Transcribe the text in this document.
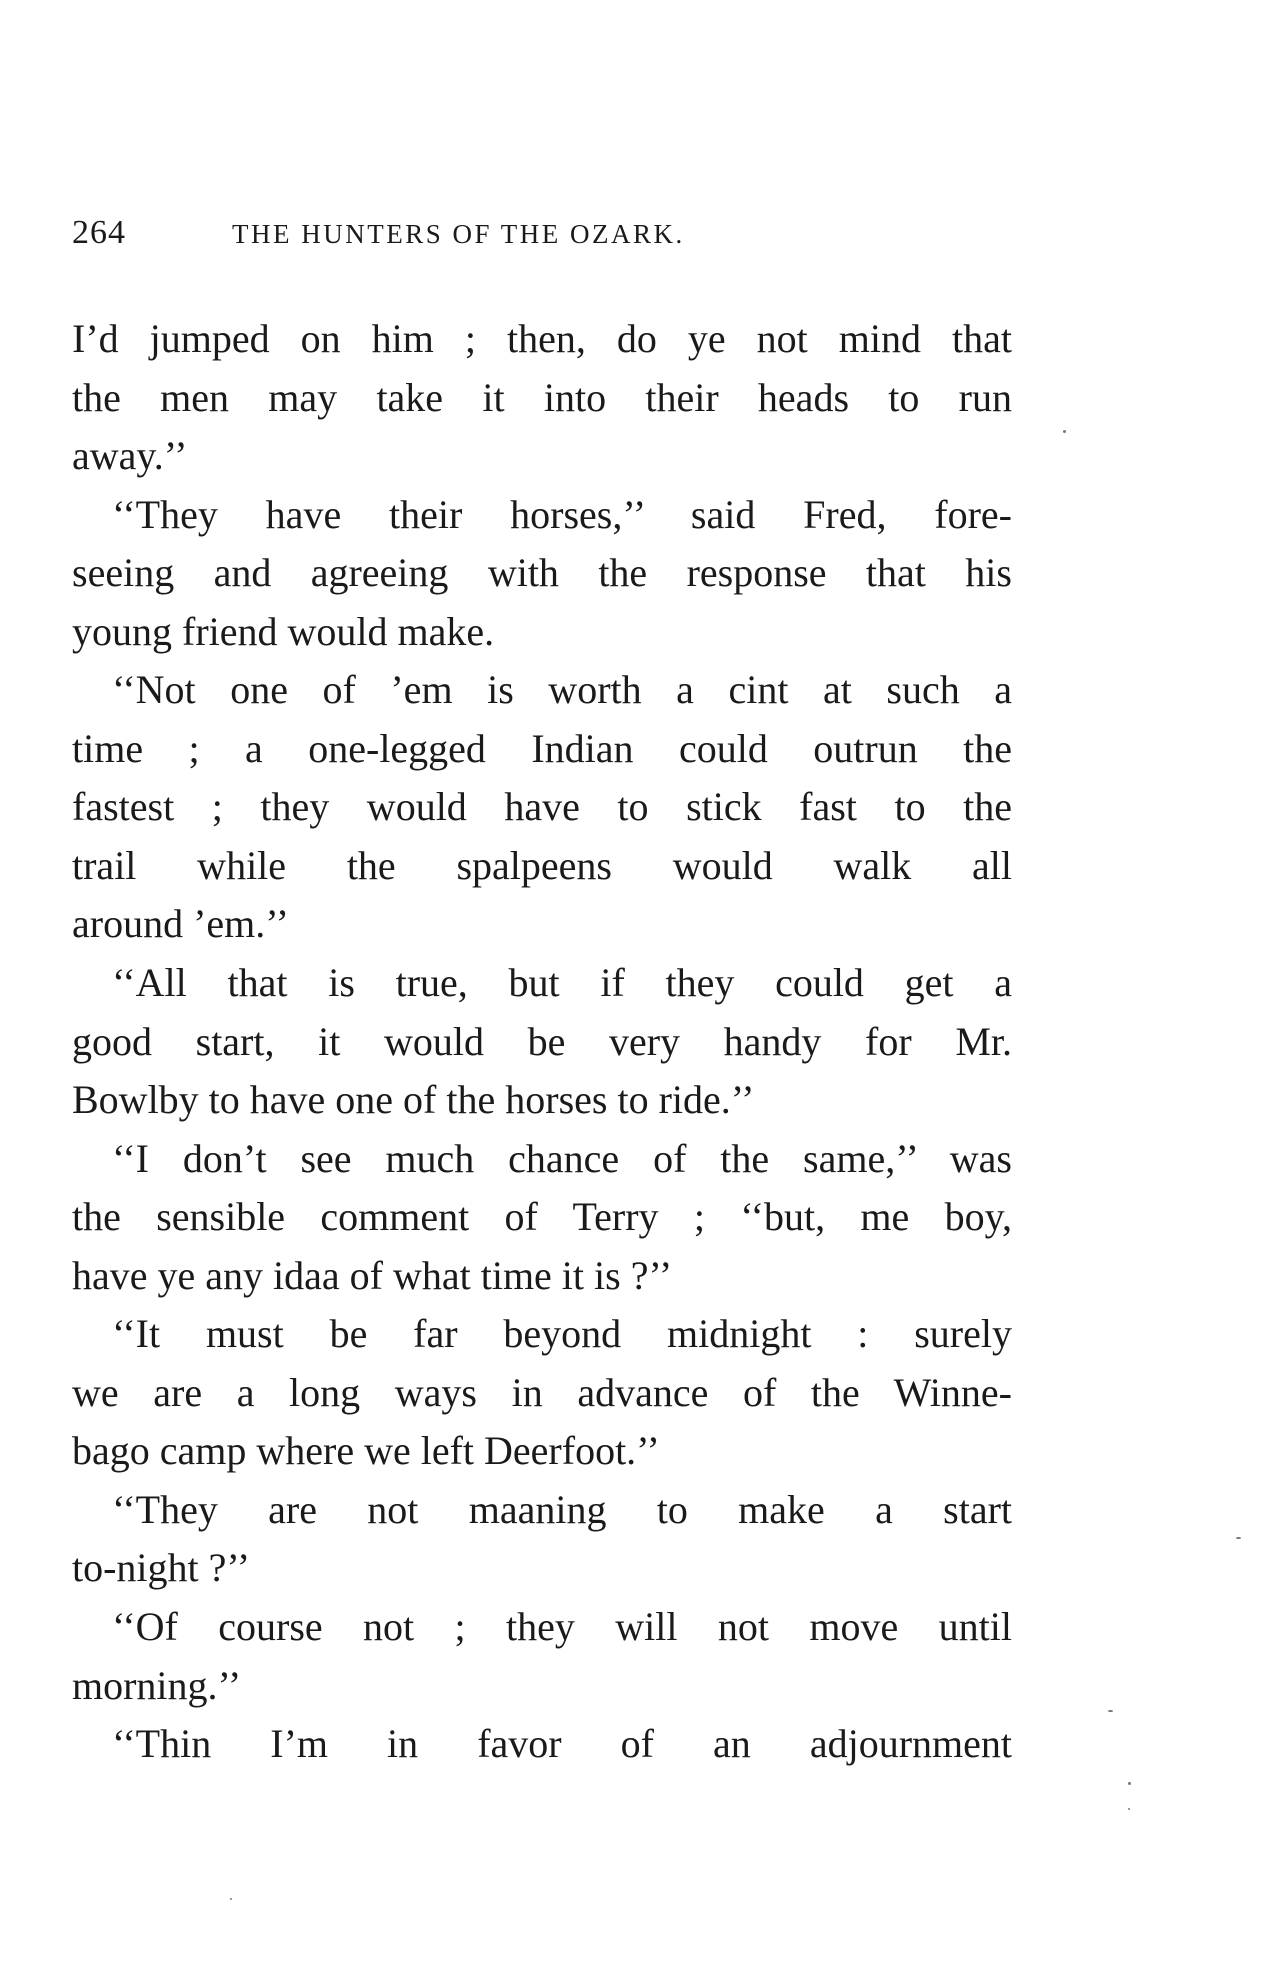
264	THE HUNTERS OF THE OZARK.
I’d jumped on him ; then, do ye not mind that
the men may take it into their heads to run
away.’’
‘‘They have their horses,’’ said Fred, fore-
seeing and agreeing with the response that his
young friend would make.
‘‘Not one of ’em is worth a cint at such a
time ; a one-legged Indian could outrun the
fastest ; they would have to stick fast to the
trail while the spalpeens would walk all
around ’em.’’
‘‘All that is true, but if they could get a
good start, it would be very handy for Mr.
Bowlby to have one of the horses to ride.’’
‘‘I don’t see much chance of the same,’’ was
the sensible comment of Terry ; ‘‘but, me boy,
have ye any idaa of what time it is ?’’
‘‘It must be far beyond midnight : surely
we are a long ways in advance of the Winne-
bago camp where we left Deerfoot.’’
‘‘They are not maaning to make a start
to-night ?’’
‘‘Of course not ; they will not move until
morning.’’
‘‘Thin I’m in favor of an adjournment
